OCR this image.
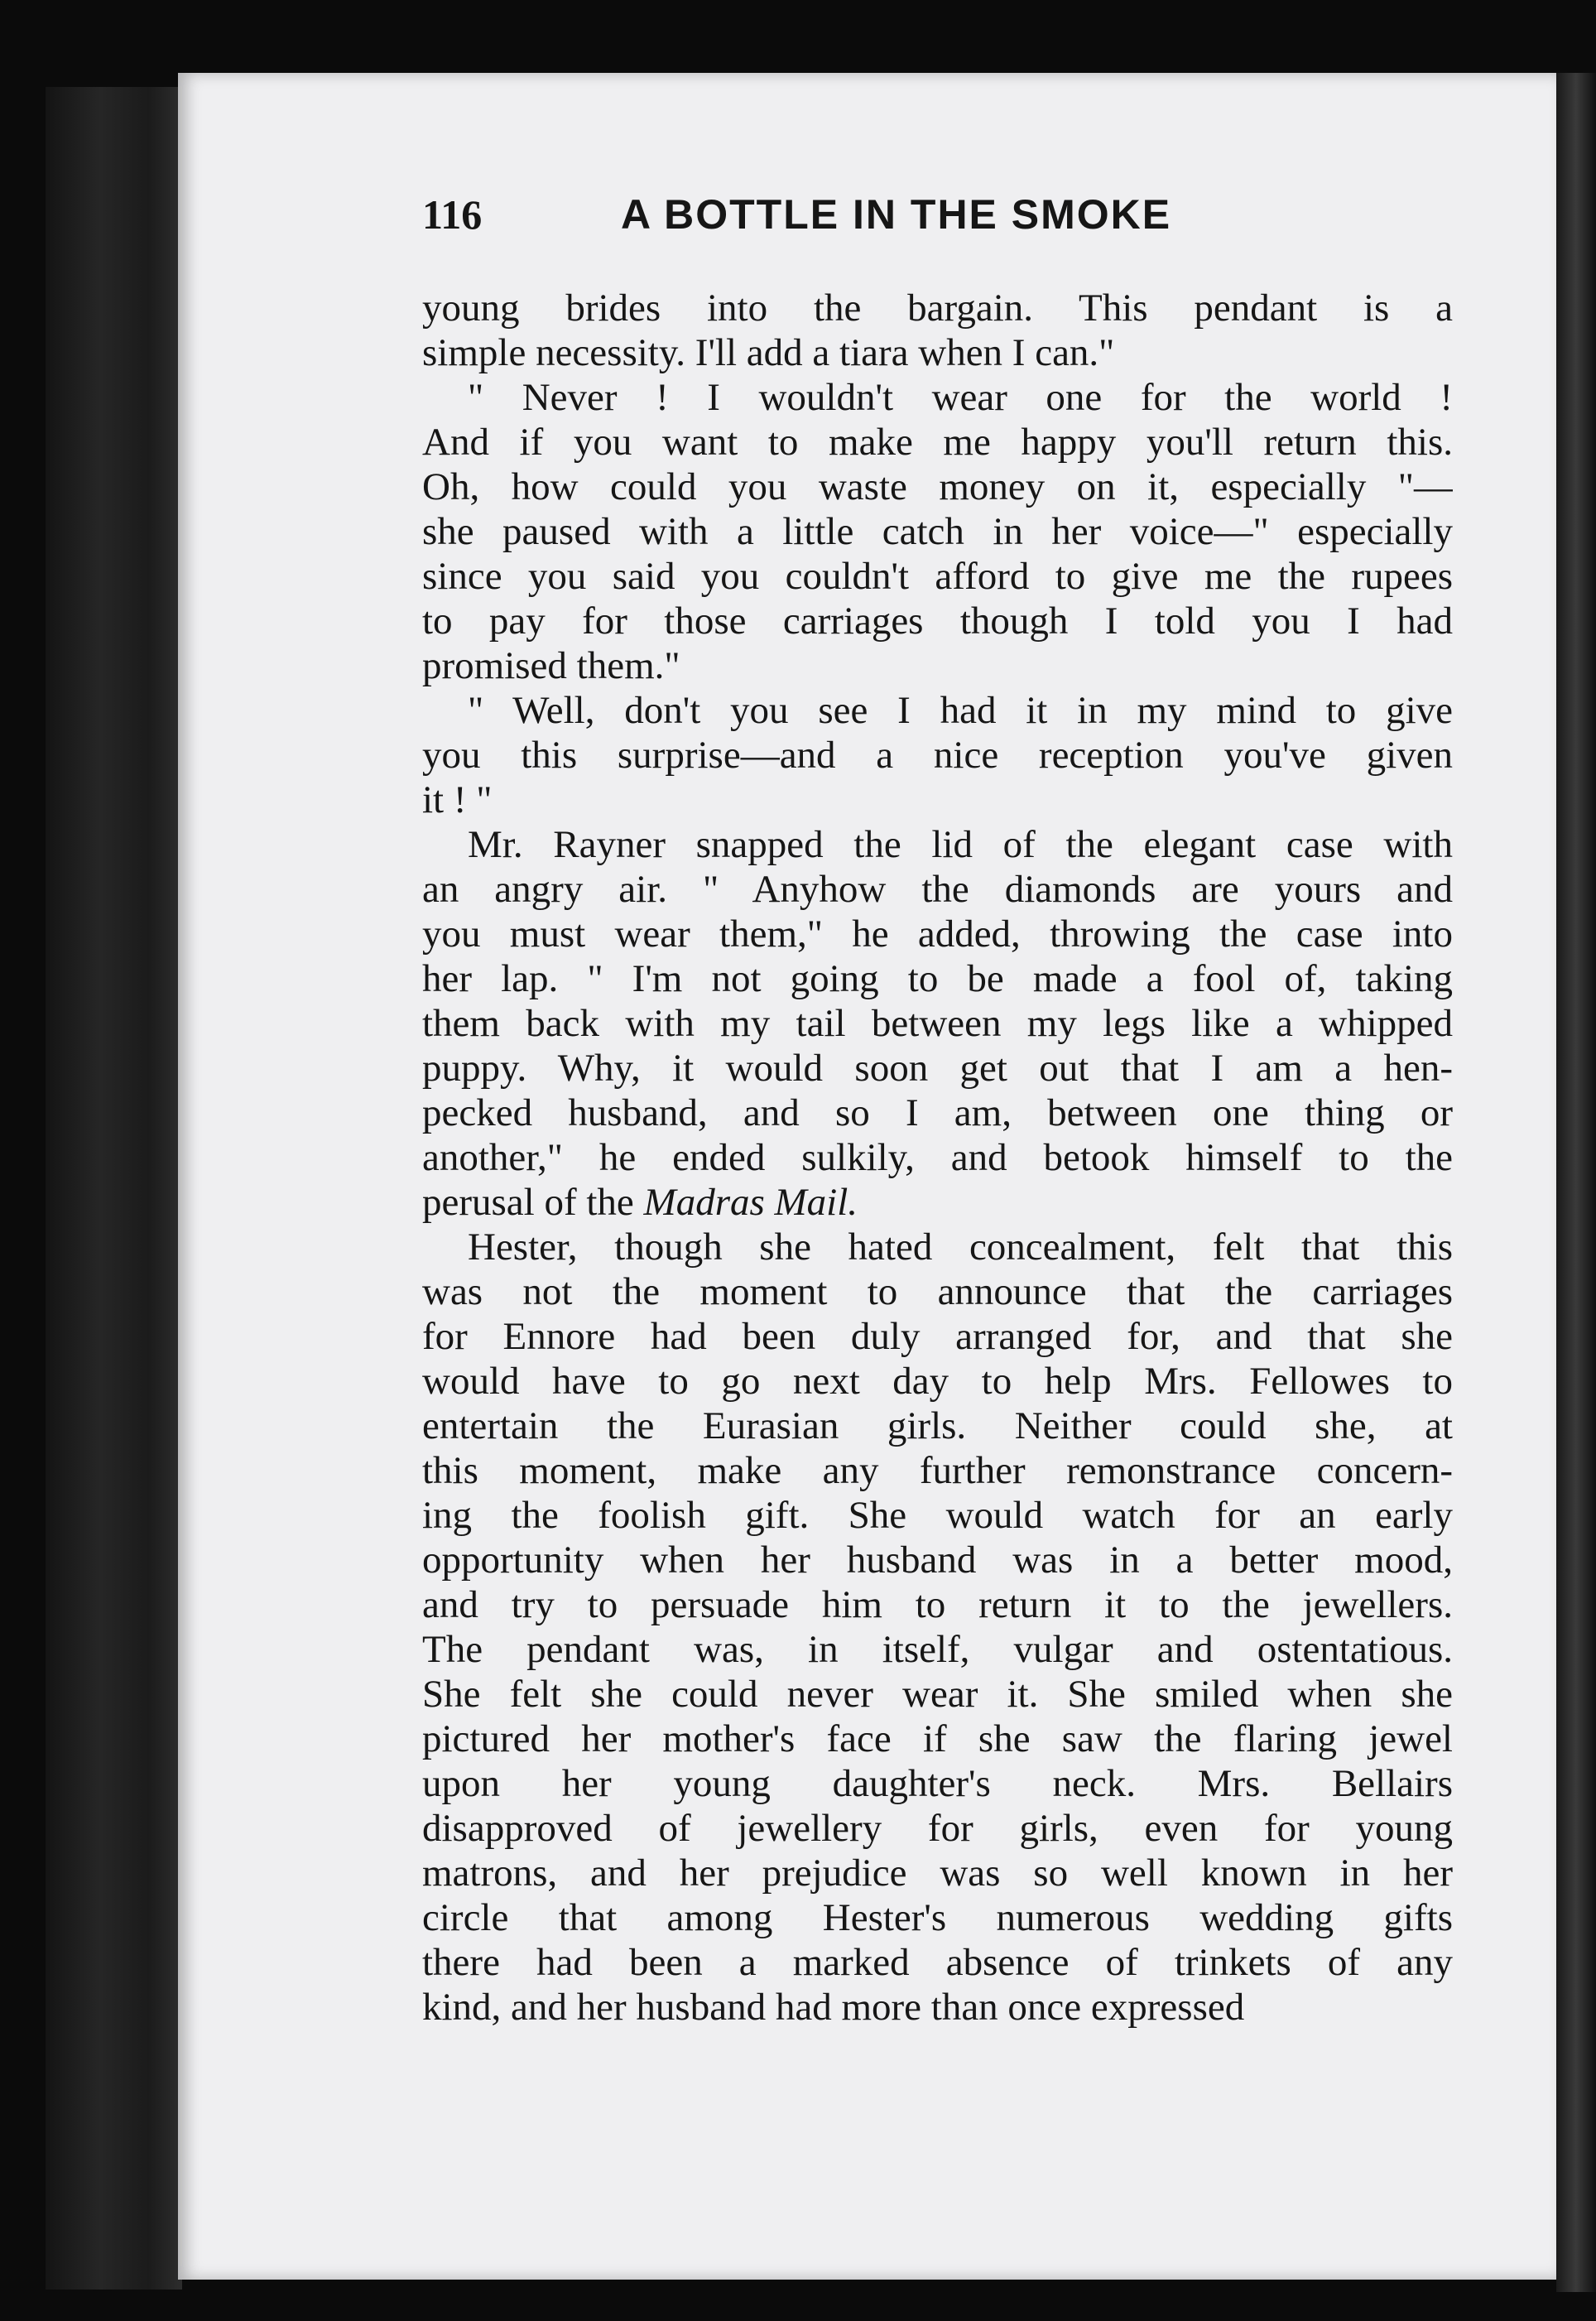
116	A BOTTLE IN THE SMOKE
young brides into the bargain. This pendant is a
simple necessity. I'll add a tiara when I can."
" Never ! I wouldn't wear one for the world !
And if you want to make me happy you'll return this.
Oh, how could you waste money on it, especially "—
she paused with a little catch in her voice—" especially
since you said you couldn't afford to give me the rupees
to pay for those carriages though I told you I had
promised them."
" Well, don't you see I had it in my mind to give
you this surprise—and a nice reception you've given
it ! "
Mr. Rayner snapped the lid of the elegant case with
an angry air. " Anyhow the diamonds are yours and
you must wear them," he added, throwing the case into
her lap. " I'm not going to be made a fool of, taking
them back with my tail between my legs like a whipped
puppy. Why, it would soon get out that I am a hen-
pecked husband, and so I am, between one thing or
another," he ended sulkily, and betook himself to the
perusal of the Madras Mail.
Hester, though she hated concealment, felt that this
was not the moment to announce that the carriages
for Ennore had been duly arranged for, and that she
would have to go next day to help Mrs. Fellowes to
entertain the Eurasian girls. Neither could she, at
this moment, make any further remonstrance concern-
ing the foolish gift. She would watch for an early
opportunity when her husband was in a better mood,
and try to persuade him to return it to the jewellers.
The pendant was, in itself, vulgar and ostentatious.
She felt she could never wear it. She smiled when she
pictured her mother's face if she saw the flaring jewel
upon her young daughter's neck. Mrs. Bellairs
disapproved of jewellery for girls, even for young
matrons, and her prejudice was so well known in her
circle that among Hester's numerous wedding gifts
there had been a marked absence of trinkets of any
kind, and her husband had more than once expressed
